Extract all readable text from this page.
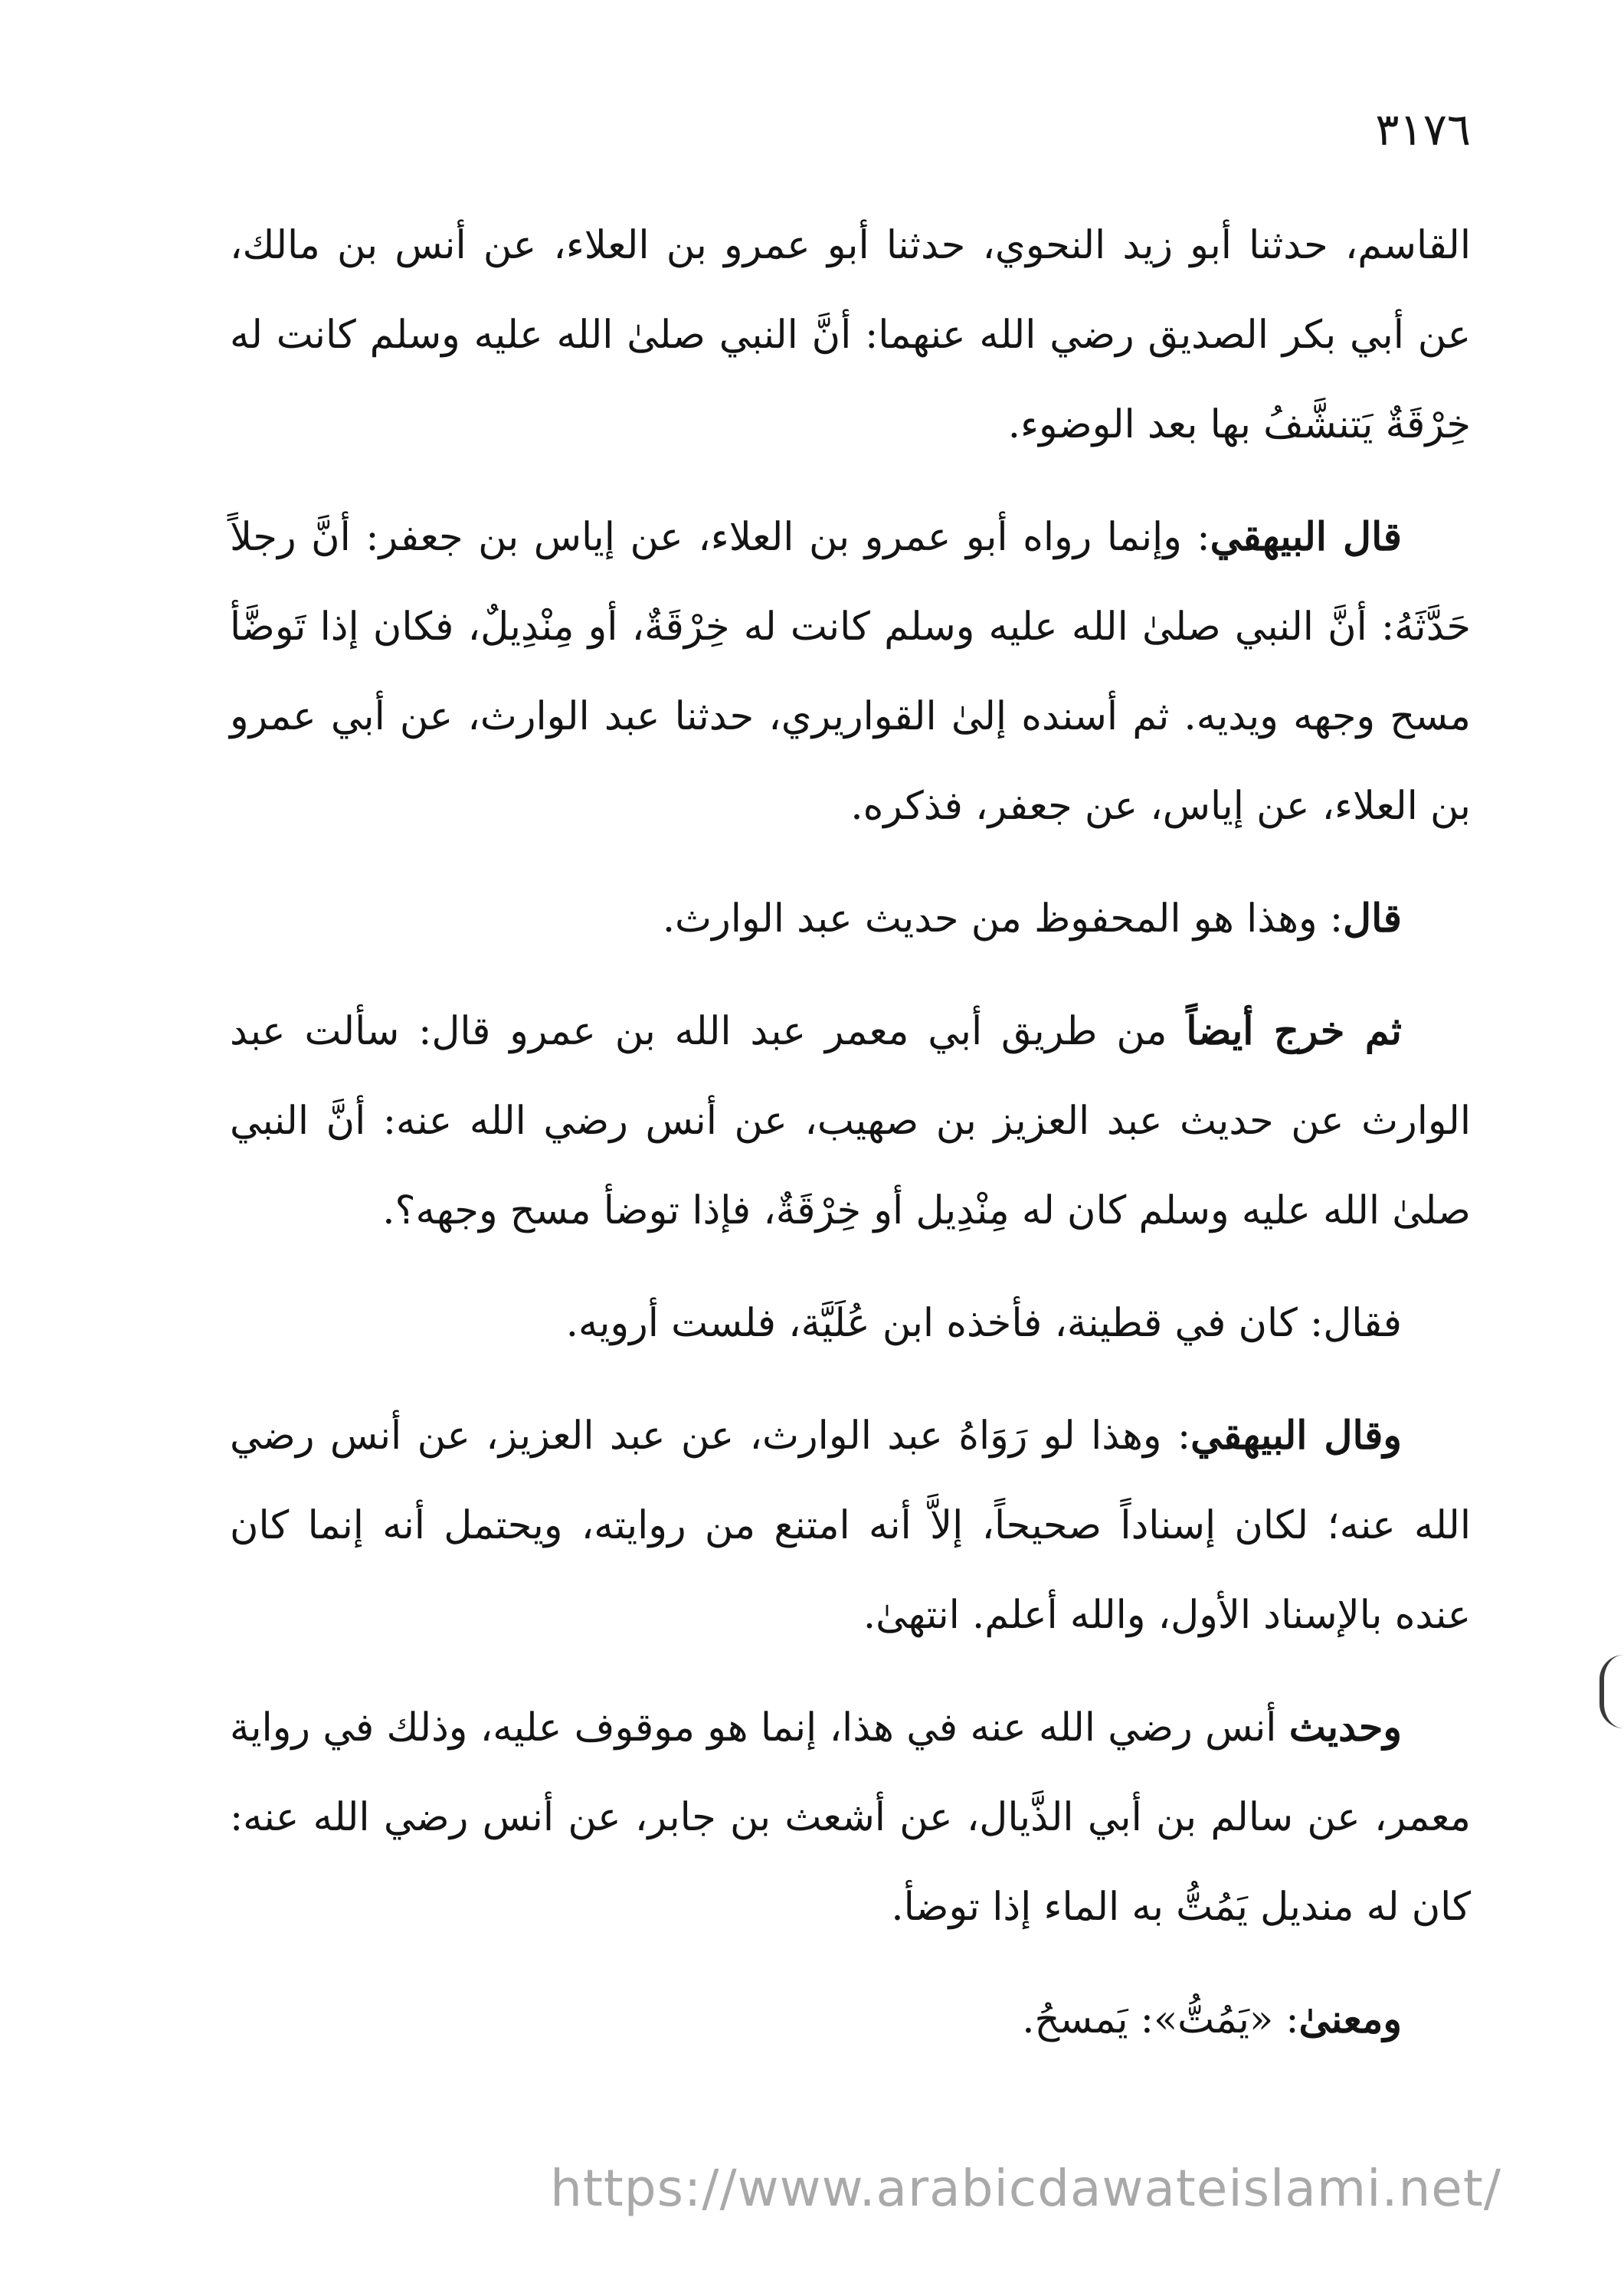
٣١٧٦

القاسم، حدثنا أبو زيد النحوي، حدثنا أبو عمرو بن العلاء، عن أنس بن مالك، عن أبي بكر الصديق رضي الله عنهما: أنَّ النبي صلىٰ الله عليه وسلم كانت له خِرْقَةٌ يَتنشَّفُ بها بعد الوضوء.

قال البيهقي: وإنما رواه أبو عمرو بن العلاء، عن إياس بن جعفر: أنَّ رجلاً حَدَّثَهُ: أنَّ النبي صلىٰ الله عليه وسلم كانت له خِرْقَةٌ، أو مِنْدِيلٌ، فكان إذا تَوضَّأ مسح وجهه ويديه. ثم أسنده إلىٰ القواريري، حدثنا عبد الوارث، عن أبي عمرو بن العلاء، عن إياس، عن جعفر، فذكره.

قال: وهذا هو المحفوظ من حديث عبد الوارث.

ثم خرج أيضاً من طريق أبي معمر عبد الله بن عمرو قال: سألت عبد الوارث عن حديث عبد العزيز بن صهيب، عن أنس رضي الله عنه: أنَّ النبي صلىٰ الله عليه وسلم كان له مِنْدِيل أو خِرْقَةٌ، فإذا توضأ مسح وجهه؟.

فقال: كان في قطينة، فأخذه ابن عُلَيَّة، فلست أرويه.

وقال البيهقي: وهذا لو رَوَاهُ عبد الوارث، عن عبد العزيز، عن أنس رضي الله عنه؛ لكان إسناداً صحيحاً، إلاَّ أنه امتنع من روايته، ويحتمل أنه إنما كان عنده بالإسناد الأول، والله أعلم. انتهىٰ.

وحديث أنس رضي الله عنه في هذا، إنما هو موقوف عليه، وذلك في رواية معمر، عن سالم بن أبي الذَّيال، عن أشعث بن جابر، عن أنس رضي الله عنه: كان له منديل يَمُتُّ به الماء إذا توضأ.

ومعنىٰ: «يَمُتُّ»: يَمسحُ.

https://www.arabicdawateislami.net/
